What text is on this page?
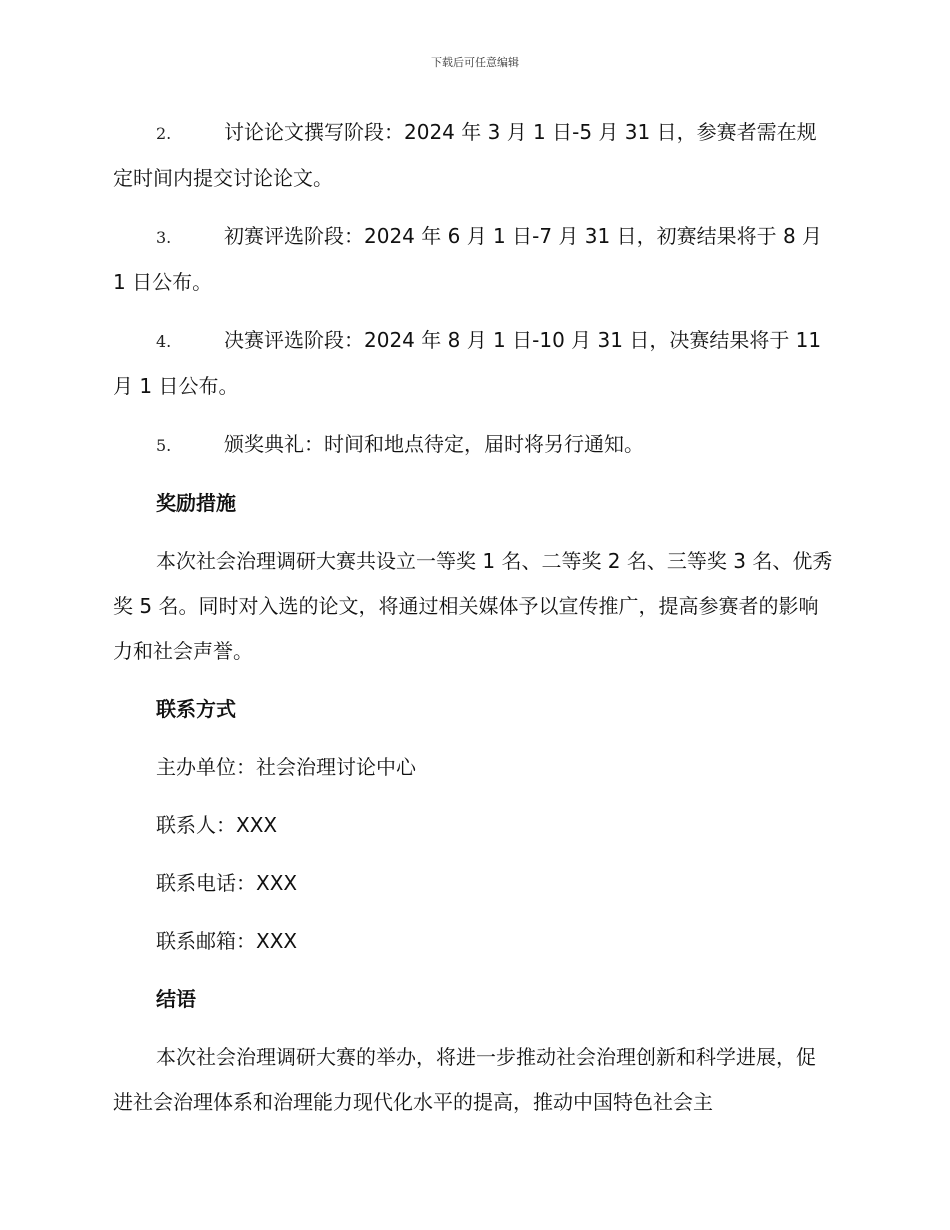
下载后可任意编辑
2.	讨论论文撰写阶段：2024 年 3 月 1 日-5 月 31 日，参赛者需在规定时间内提交讨论论文。
3.	初赛评选阶段：2024 年 6 月 1 日-7 月 31 日，初赛结果将于 8 月 1 日公布。
4.	决赛评选阶段：2024 年 8 月 1 日-10 月 31 日，决赛结果将于 11 月 1 日公布。
5.	颁奖典礼：时间和地点待定，届时将另行通知。
奖励措施
本次社会治理调研大赛共设立一等奖 1 名、二等奖 2 名、三等奖 3 名、优秀奖 5 名。同时对入选的论文，将通过相关媒体予以宣传推广，提高参赛者的影响力和社会声誉。
联系方式
主办单位：社会治理讨论中心
联系人：XXX
联系电话：XXX
联系邮箱：XXX
结语
本次社会治理调研大赛的举办，将进一步推动社会治理创新和科学进展，促进社会治理体系和治理能力现代化水平的提高，推动中国特色社会主
